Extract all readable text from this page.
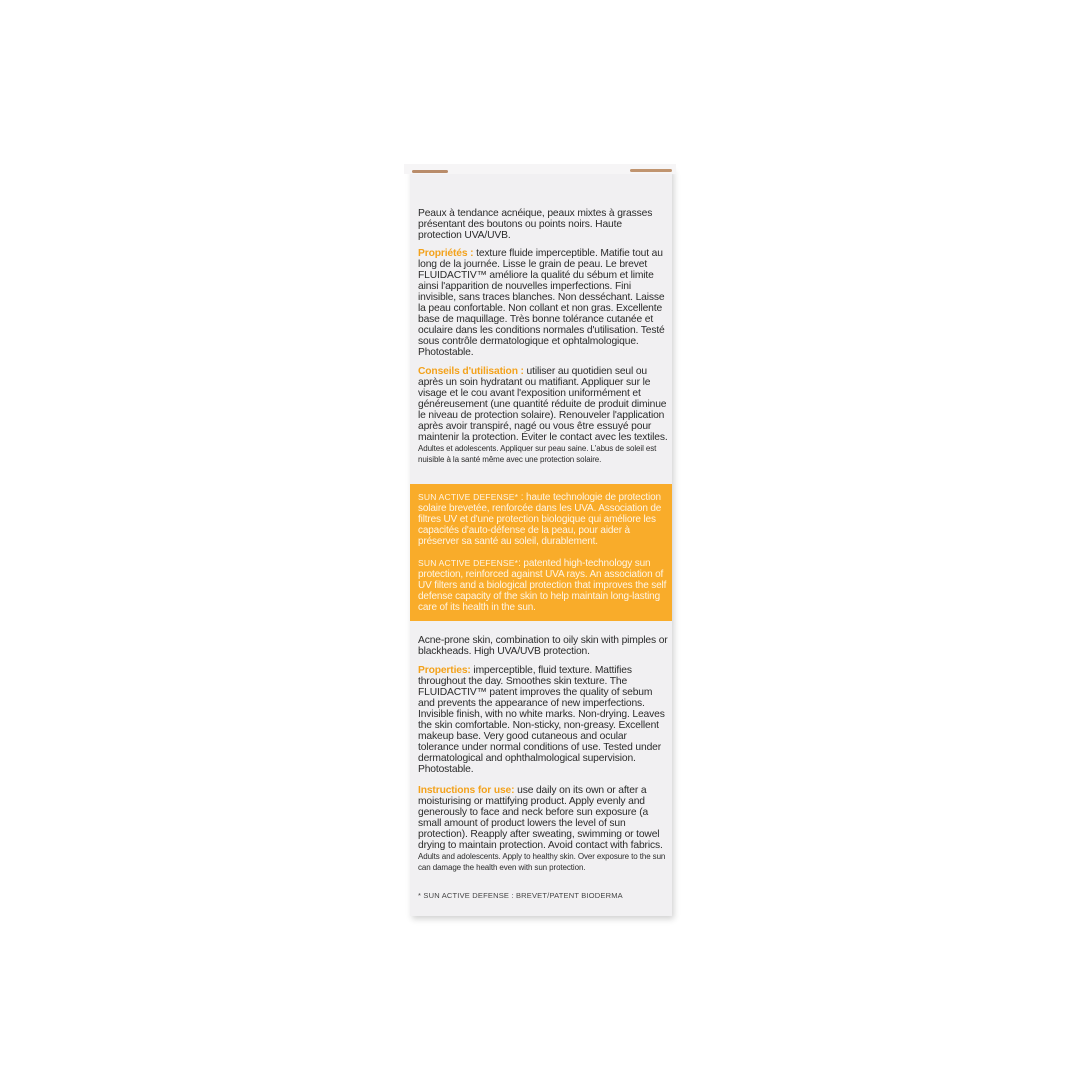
Peaux à tendance acnéique, peaux mixtes à grasses présentant des boutons ou points noirs. Haute protection UVA/UVB.

Propriétés : texture fluide imperceptible. Matifie tout au long de la journée. Lisse le grain de peau. Le brevet FLUIDACTIV™ améliore la qualité du sébum et limite ainsi l'apparition de nouvelles imperfections. Fini invisible, sans traces blanches. Non desséchant. Laisse la peau confortable. Non collant et non gras. Excellente base de maquillage. Très bonne tolérance cutanée et oculaire dans les conditions normales d'utilisation. Testé sous contrôle dermatologique et ophtalmologique. Photostable.

Conseils d'utilisation : utiliser au quotidien seul ou après un soin hydratant ou matifiant. Appliquer sur le visage et le cou avant l'exposition uniformément et généreusement (une quantité réduite de produit diminue le niveau de protection solaire). Renouveler l'application après avoir transpiré, nagé ou vous être essuyé pour maintenir la protection. Éviter le contact avec les textiles. Adultes et adolescents. Appliquer sur peau saine. L'abus de soleil est nuisible à la santé même avec une protection solaire.

SUN ACTIVE DEFENSE* : haute technologie de protection solaire brevetée, renforcée dans les UVA. Association de filtres UV et d'une protection biologique qui améliore les capacités d'auto-défense de la peau, pour aider à préserver sa santé au soleil, durablement.

SUN ACTIVE DEFENSE*: patented high-technology sun protection, reinforced against UVA rays. An association of UV filters and a biological protection that improves the self defense capacity of the skin to help maintain long-lasting care of its health in the sun.

Acne-prone skin, combination to oily skin with pimples or blackheads. High UVA/UVB protection.

Properties: imperceptible, fluid texture. Mattifies throughout the day. Smoothes skin texture. The FLUIDACTIV™ patent improves the quality of sebum and prevents the appearance of new imperfections. Invisible finish, with no white marks. Non-drying. Leaves the skin comfortable. Non-sticky, non-greasy. Excellent makeup base. Very good cutaneous and ocular tolerance under normal conditions of use. Tested under dermatological and ophthalmological supervision. Photostable.

Instructions for use: use daily on its own or after a moisturising or mattifying product. Apply evenly and generously to face and neck before sun exposure (a small amount of product lowers the level of sun protection). Reapply after sweating, swimming or towel drying to maintain protection. Avoid contact with fabrics. Adults and adolescents. Apply to healthy skin. Over exposure to the sun can damage the health even with sun protection.

* SUN ACTIVE DEFENSE : BREVET/PATENT BIODERMA
